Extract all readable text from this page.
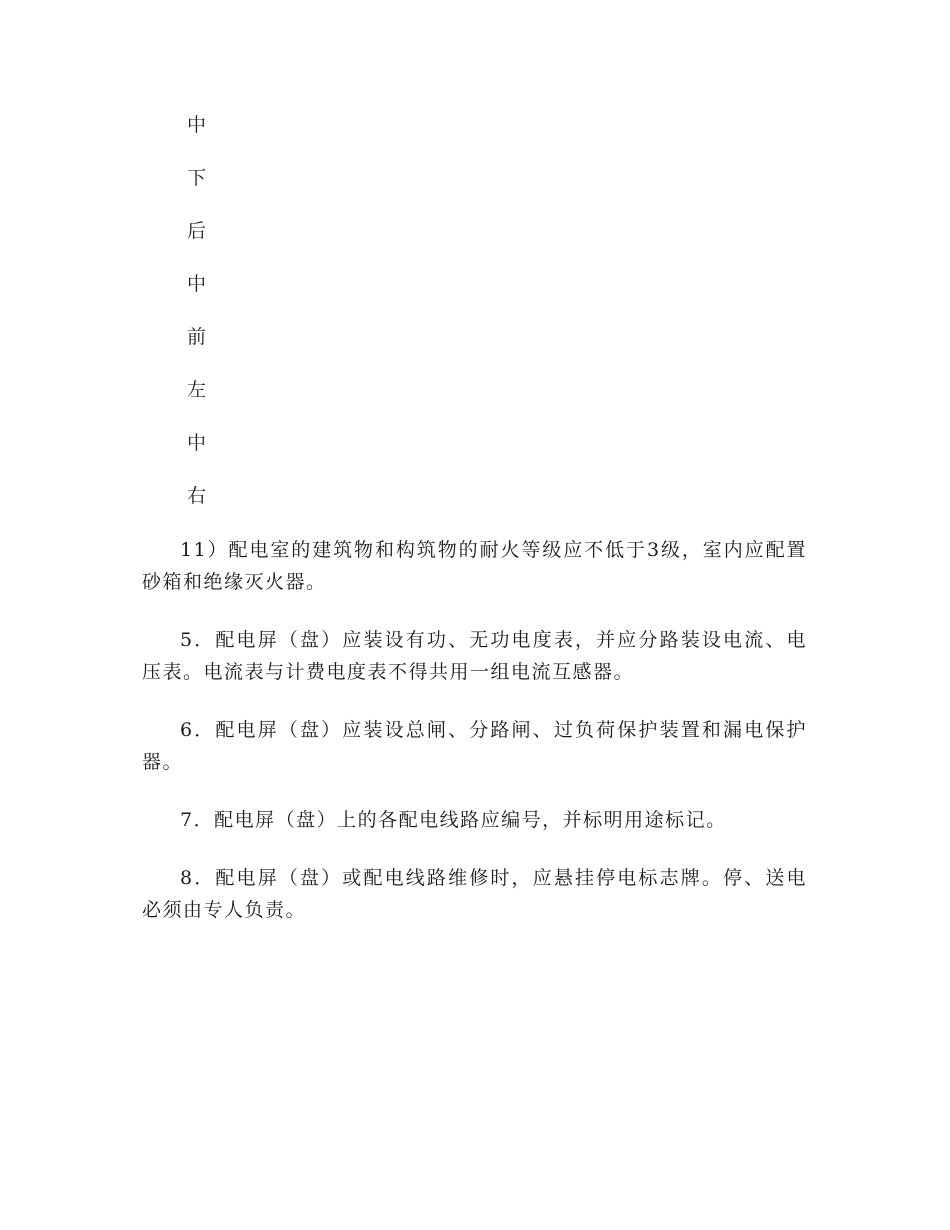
中
下
后
中
前
左
中
右

11）配电室的建筑物和构筑物的耐火等级应不低于3级，室内应配置砂箱和绝缘灭火器。

5．配电屏（盘）应装设有功、无功电度表，并应分路装设电流、电压表。电流表与计费电度表不得共用一组电流互感器。

6．配电屏（盘）应装设总闸、分路闸、过负荷保护装置和漏电保护器。

7．配电屏（盘）上的各配电线路应编号，并标明用途标记。

8．配电屏（盘）或配电线路维修时，应悬挂停电标志牌。停、送电必须由专人负责。
